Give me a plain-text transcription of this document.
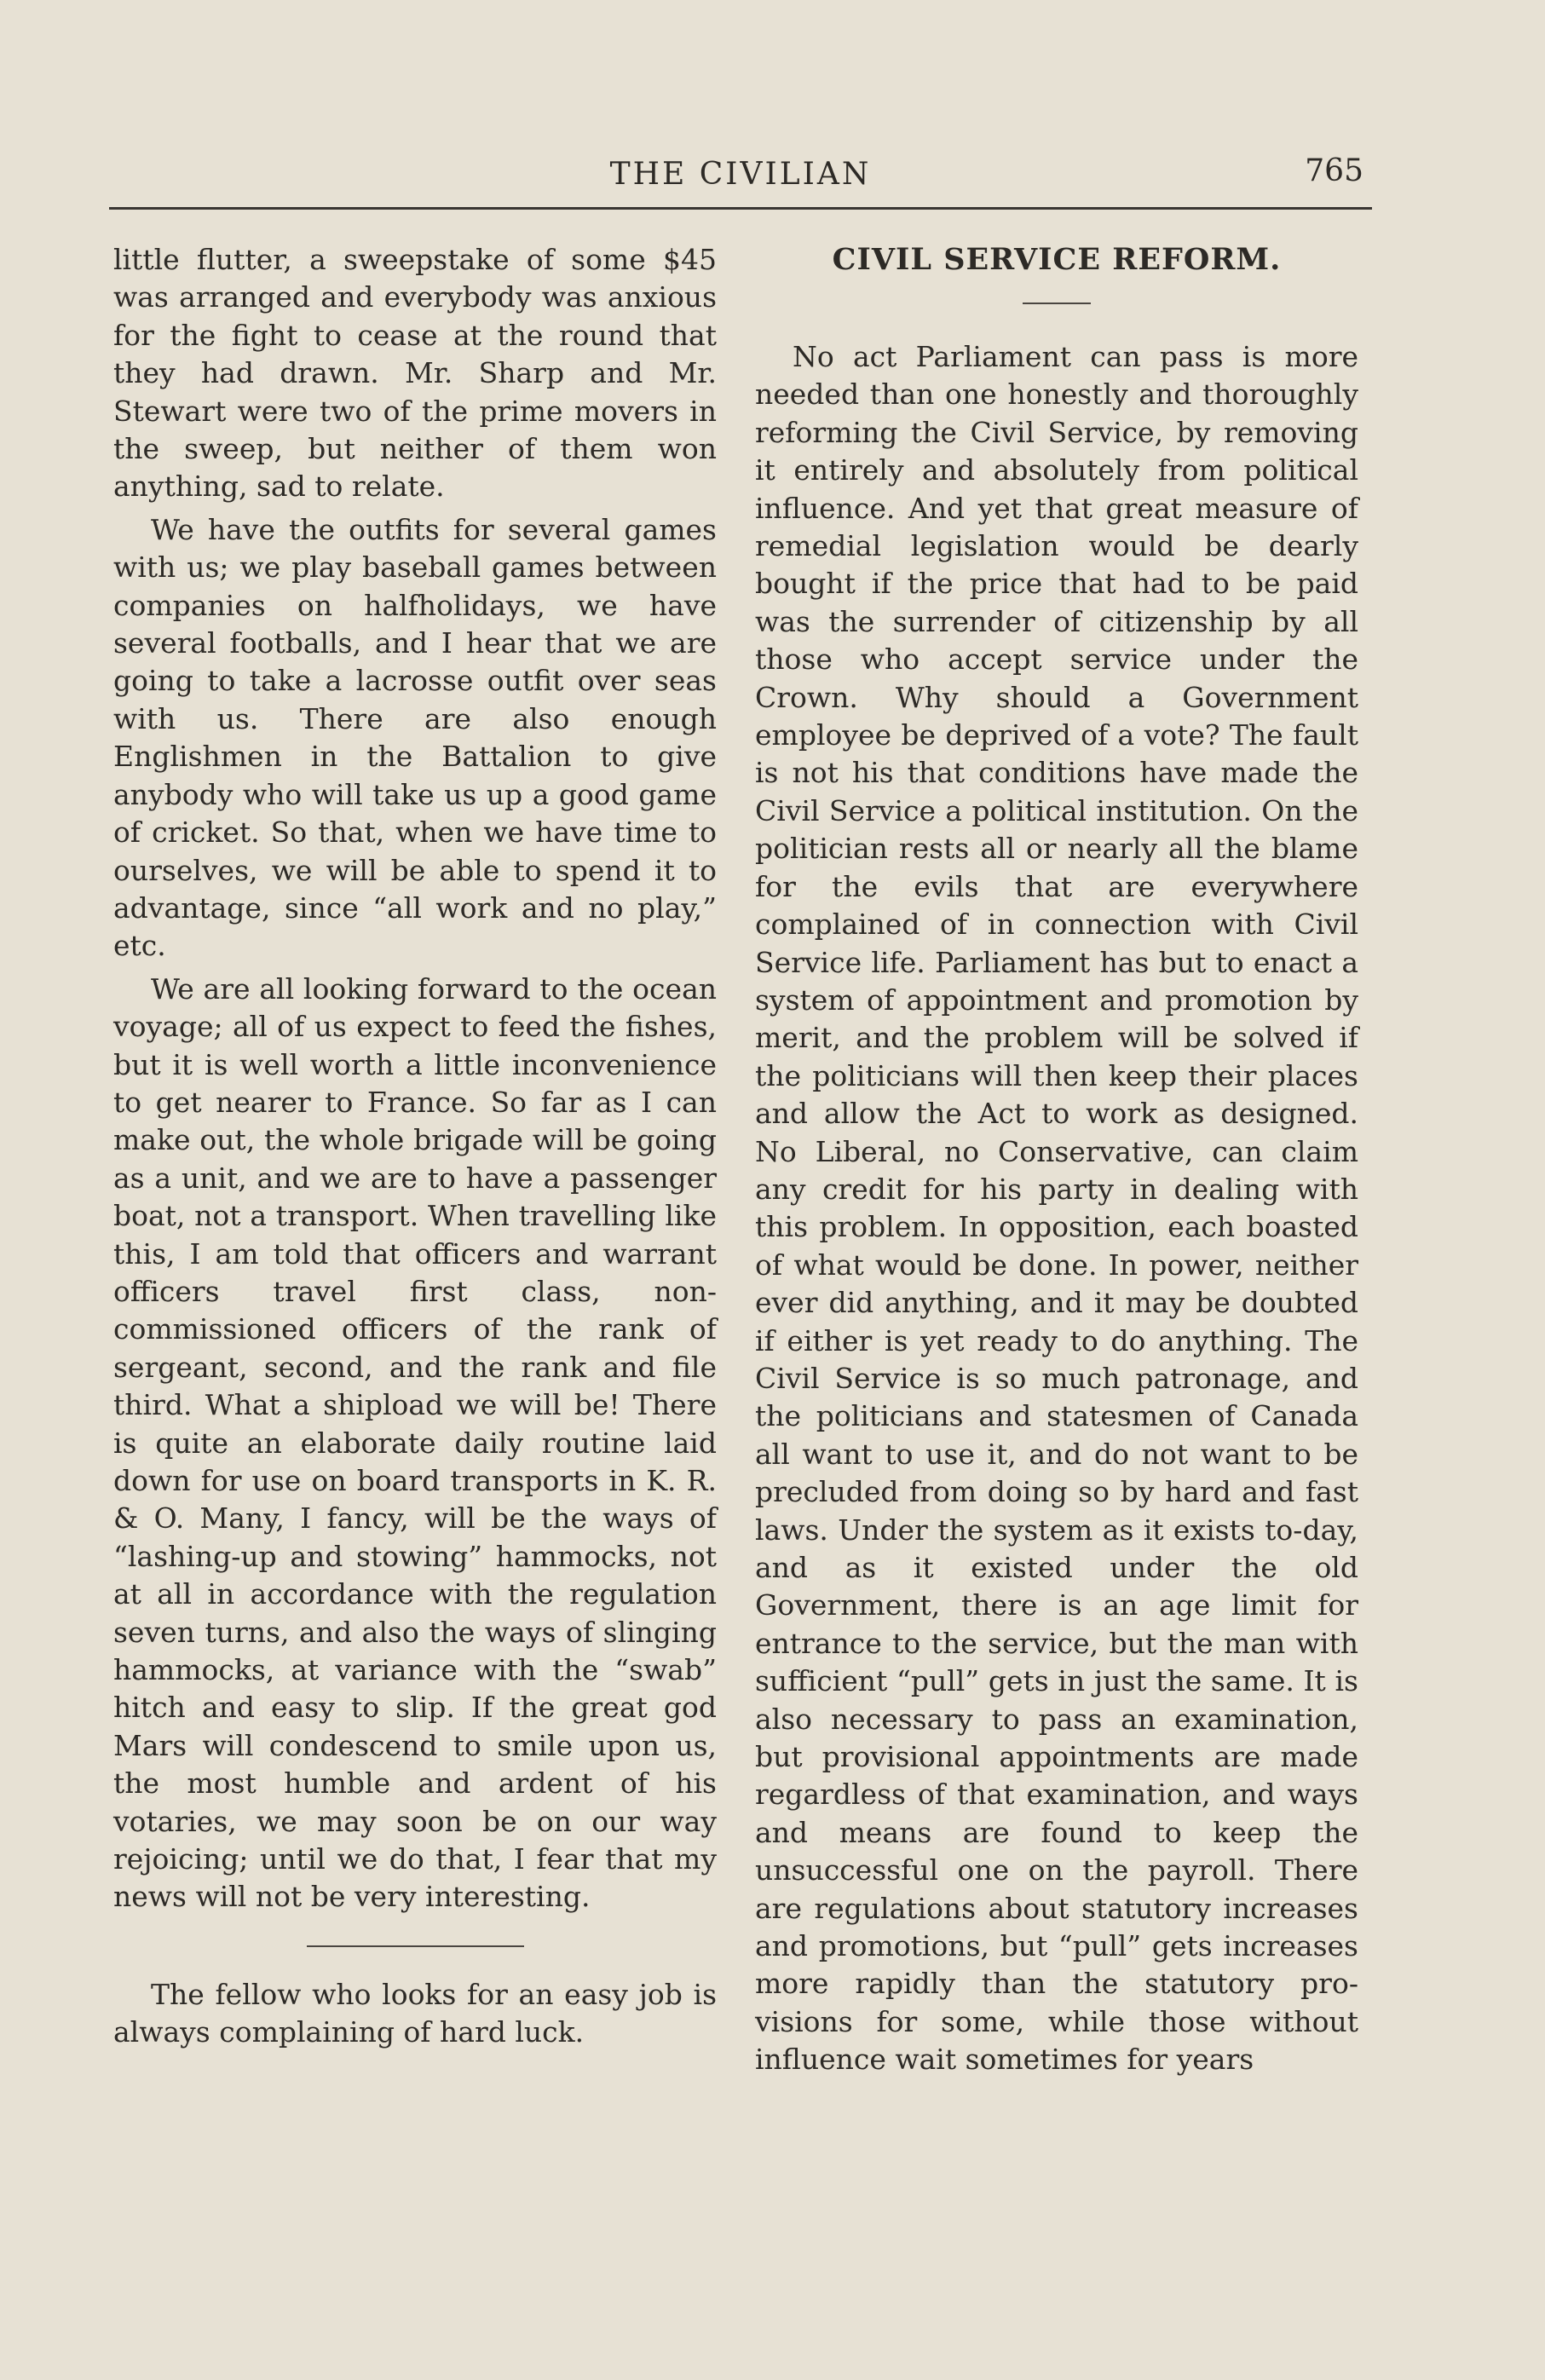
THE CIVILIAN	765

little flutter, a sweepstake of some $45 was arranged and everybody was anxious for the fight to cease at the round that they had drawn. Mr. Sharp and Mr. Stewart were two of the prime movers in the sweep, but neither of them won anything, sad to relate.

We have the outfits for several games with us; we play baseball games between companies on halfholidays, we have several footballs, and I hear that we are going to take a lacrosse outfit over seas with us. There are also enough Englishmen in the Battalion to give anybody who will take us up a good game of cricket. So that, when we have time to ourselves, we will be able to spend it to advantage, since “all work and no play,” etc.

We are all looking forward to the ocean voyage; all of us expect to feed the fishes, but it is well worth a little inconvenience to get nearer to France. So far as I can make out, the whole brigade will be going as a unit, and we are to have a passenger boat, not a transport. When travelling like this, I am told that officers and warrant officers travel first class, noncommissioned officers of the rank of sergeant, second, and the rank and file third. What a shipload we will be! There is quite an elaborate daily routine laid down for use on board transports in K. R. & O. Many, I fancy, will be the ways of “lashing-up and stowing” hammocks, not at all in accordance with the regulation seven turns, and also the ways of slinging hammocks, at variance with the “swab” hitch and easy to slip. If the great god Mars will condescend to smile upon us, the most humble and ardent of his votaries, we may soon be on our way rejoicing; until we do that, I fear that my news will not be very interesting.

The fellow who looks for an easy job is always complaining of hard luck.

CIVIL SERVICE REFORM.

No act Parliament can pass is more needed than one honestly and thoroughly reforming the Civil Service, by removing it entirely and absolutely from political influence. And yet that great measure of remedial legislation would be dearly bought if the price that had to be paid was the surrender of citizenship by all those who accept service under the Crown. Why should a Government employee be deprived of a vote? The fault is not his that conditions have made the Civil Service a political institution. On the politician rests all or nearly all the blame for the evils that are everywhere complained of in connection with Civil Service life. Parliament has but to enact a system of appointment and promotion by merit, and the problem will be solved if the politicians will then keep their places and allow the Act to work as designed. No Liberal, no Conservative, can claim any credit for his party in dealing with this problem. In opposition, each boasted of what would be done. In power, neither ever did anything, and it may be doubted if either is yet ready to do anything. The Civil Service is so much patronage, and the politicians and statesmen of Canada all want to use it, and do not want to be precluded from doing so by hard and fast laws. Under the system as it exists to-day, and as it existed under the old Government, there is an age limit for entrance to the service, but the man with sufficient “pull” gets in just the same. It is also necessary to pass an examination, but provisional appointments are made regardless of that examination, and ways and means are found to keep the unsuccessful one on the payroll. There are regulations about statutory increases and promotions, but “pull” gets increases more rapidly than the statutory provisions for some, while those without influence wait sometimes for years
